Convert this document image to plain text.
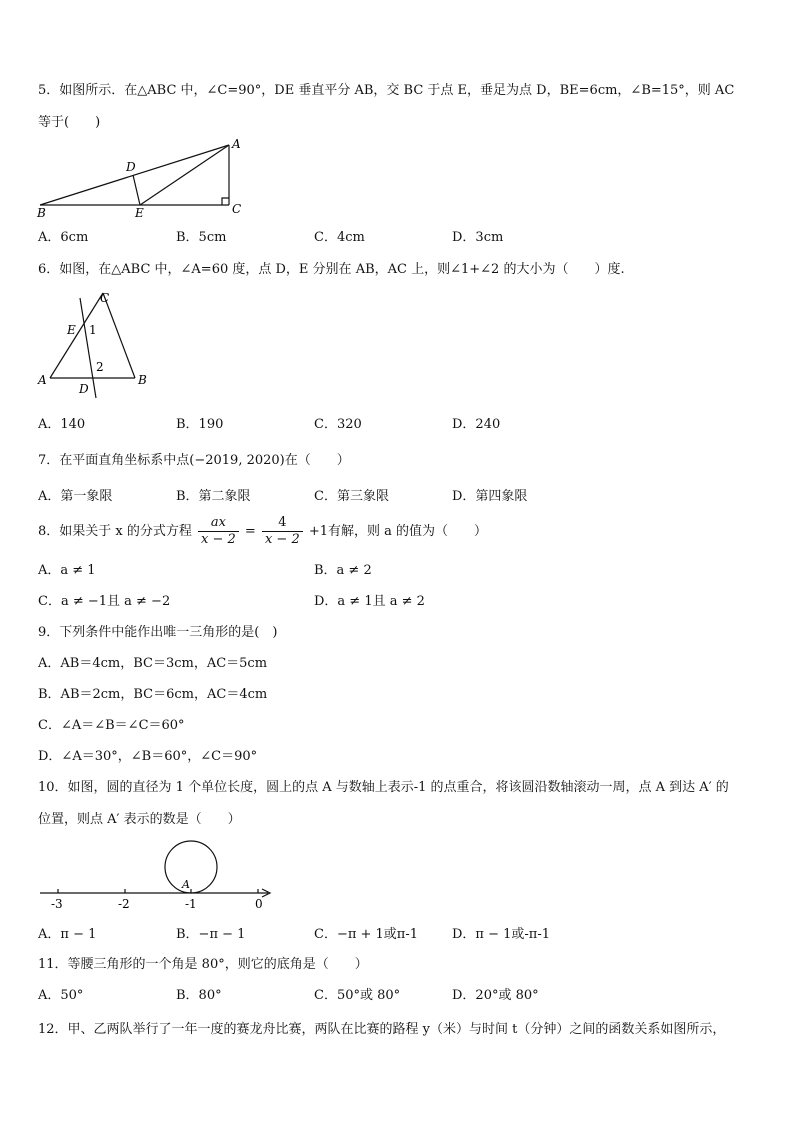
5．如图所示．在△ABC 中，∠C=90°，DE 垂直平分 AB，交 BC 于点 E，垂足为点 D，BE=6cm，∠B=15°，则 AC
等于(　　)
A
B	C
D
E
A．6cm	B．5cm	C．4cm	D．3cm
6．如图，在△ABC 中，∠A=60 度，点 D，E 分别在 AB，AC 上，则∠1+∠2 的大小为（　　）度.
C
A	B
E
D
1
2
A．140	B．190	C．320	D．240
7．在平面直角坐标系中点(−2019, 2020)在（　　）
A．第一象限	B．第二象限	C．第三象限	D．第四象限
8．如果关于 x 的分式方程 $\frac{ax}{x - 2} = \frac{4}{x - 2} +1$有解，则 a 的值为（　　）
A．a ≠ 1	B．a ≠ 2
C．a ≠ −1且 a ≠ −2	D．a ≠ 1且 a ≠ 2
9．下列条件中能作出唯一三角形的是(　)
A．AB＝4cm，BC＝3cm，AC＝5cm
B．AB＝2cm，BC＝6cm，AC＝4cm
C．∠A＝∠B＝∠C＝60°
D．∠A＝30°，∠B＝60°，∠C＝90°
10．如图，圆的直径为 1 个单位长度，圆上的点 A 与数轴上表示-1 的点重合，将该圆沿数轴滚动一周，点 A 到达 A′ 的
位置，则点 A′ 表示的数是（　　）
A
-3	-2	-1	0
A．π − 1	B．−π − 1	C．−π + 1或π-1	D．π − 1或-π-1
11．等腰三角形的一个角是 80°，则它的底角是（　　）
A．50°	B．80°	C．50°或 80°	D．20°或 80°
12．甲、乙两队举行了一年一度的赛龙舟比赛，两队在比赛的路程 y（米）与时间 t（分钟）之间的函数关系如图所示，
